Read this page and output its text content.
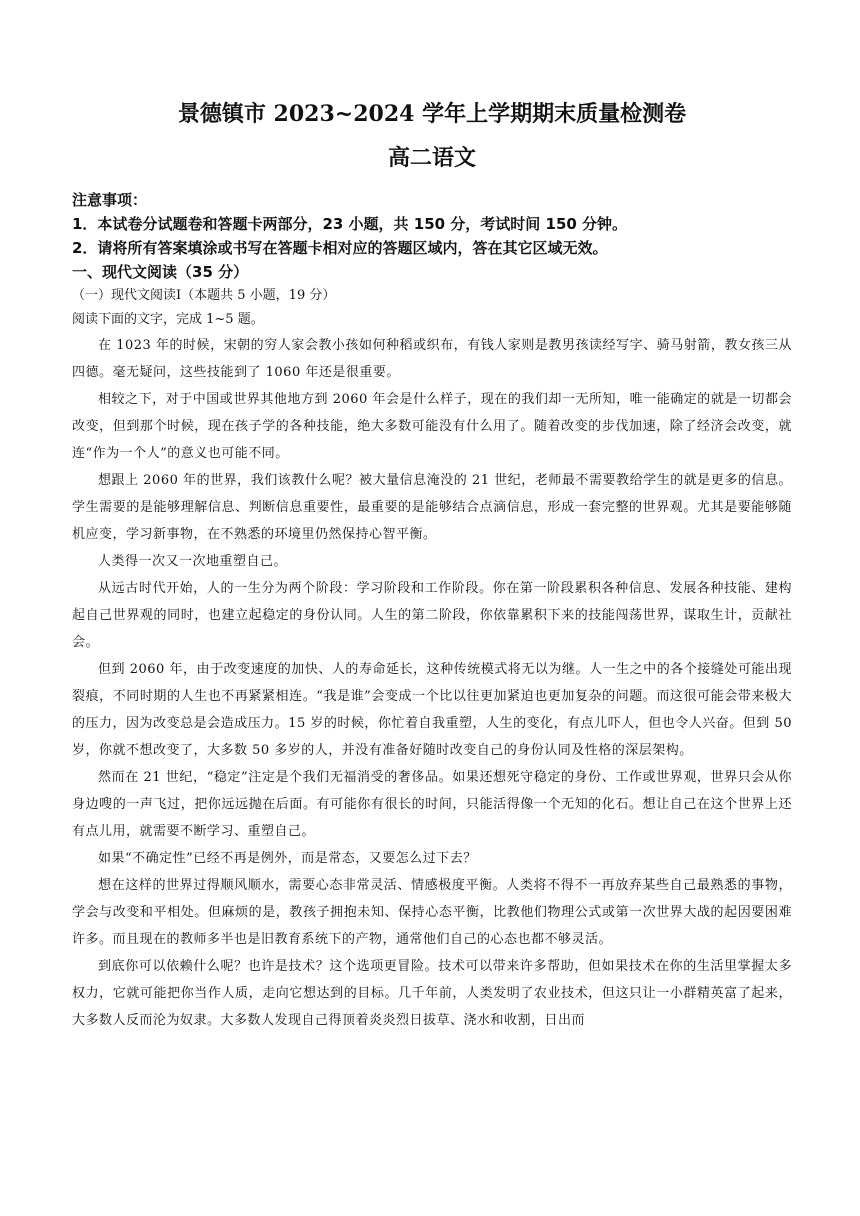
景德镇市 2023~2024 学年上学期期末质量检测卷
高二语文
注意事项：
1．本试卷分试题卷和答题卡两部分，23 小题，共 150 分，考试时间 150 分钟。
2．请将所有答案填涂或书写在答题卡相对应的答题区域内，答在其它区域无效。
一、现代文阅读（35 分）
（一）现代文阅读Ⅰ（本题共 5 小题，19 分）
阅读下面的文字，完成 1~5 题。

在 1023 年的时候，宋朝的穷人家会教小孩如何种稻或织布，有钱人家则是教男孩读经写字、骑马射箭，教女孩三从四德。毫无疑问，这些技能到了 1060 年还是很重要。

相较之下，对于中国或世界其他地方到 2060 年会是什么样子，现在的我们却一无所知，唯一能确定的就是一切都会改变，但到那个时候，现在孩子学的各种技能，绝大多数可能没有什么用了。随着改变的步伐加速，除了经济会改变，就连“作为一个人”的意义也可能不同。

想跟上 2060 年的世界，我们该教什么呢？被大量信息淹没的 21 世纪，老师最不需要教给学生的就是更多的信息。学生需要的是能够理解信息、判断信息重要性，最重要的是能够结合点滴信息，形成一套完整的世界观。尤其是要能够随机应变，学习新事物，在不熟悉的环境里仍然保持心智平衡。

人类得一次又一次地重塑自己。

从远古时代开始，人的一生分为两个阶段：学习阶段和工作阶段。你在第一阶段累积各种信息、发展各种技能、建构起自己世界观的同时，也建立起稳定的身份认同。人生的第二阶段，你依靠累积下来的技能闯荡世界，谋取生计，贡献社会。

但到 2060 年，由于改变速度的加快、人的寿命延长，这种传统模式将无以为继。人一生之中的各个接缝处可能出现裂痕，不同时期的人生也不再紧紧相连。“我是谁”会变成一个比以往更加紧迫也更加复杂的问题。而这很可能会带来极大的压力，因为改变总是会造成压力。15 岁的时候，你忙着自我重塑，人生的变化，有点儿吓人，但也令人兴奋。但到 50 岁，你就不想改变了，大多数 50 多岁的人，并没有准备好随时改变自己的身份认同及性格的深层架构。

然而在 21 世纪，“稳定”注定是个我们无福消受的奢侈品。如果还想死守稳定的身份、工作或世界观，世界只会从你身边嗖的一声飞过，把你远远抛在后面。有可能你有很长的时间，只能活得像一个无知的化石。想让自己在这个世界上还有点儿用，就需要不断学习、重塑自己。

如果“不确定性”已经不再是例外，而是常态，又要怎么过下去？

想在这样的世界过得顺风顺水，需要心态非常灵活、情感极度平衡。人类将不得不一再放弃某些自己最熟悉的事物，学会与改变和平相处。但麻烦的是，教孩子拥抱未知、保持心态平衡，比教他们物理公式或第一次世界大战的起因要困难许多。而且现在的教师多半也是旧教育系统下的产物，通常他们自己的心态也都不够灵活。

到底你可以依赖什么呢？也许是技术？这个选项更冒险。技术可以带来许多帮助，但如果技术在你的生活里掌握太多权力，它就可能把你当作人质，走向它想达到的目标。几千年前，人类发明了农业技术，但这只让一小群精英富了起来，大多数人反而沦为奴隶。大多数人发现自己得顶着炎炎烈日拔草、浇水和收割，日出而
